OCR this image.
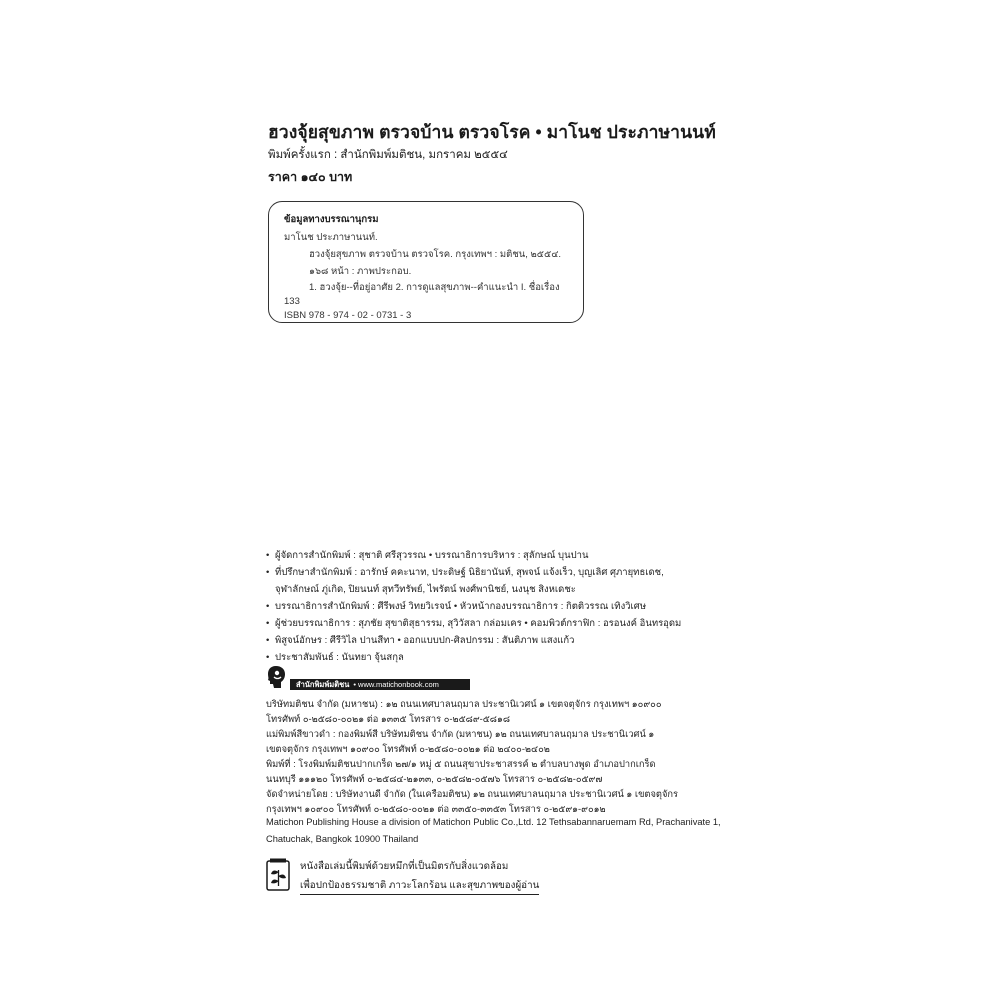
ฮวงจุ้ยสุขภาพ ตรวจบ้าน ตรวจโรค • มาโนช ประภาษานนท์
พิมพ์ครั้งแรก : สำนักพิมพ์มติชน, มกราคม ๒๕๕๔
ราคา ๑๔๐ บาท
ข้อมูลทางบรรณานุกรม
มาโนช ประภาษานนท์.
ฮวงจุ้ยสุขภาพ ตรวจบ้าน ตรวจโรค. กรุงเทพฯ : มติชน, ๒๕๕๔.
๑๖๘ หน้า : ภาพประกอบ.
1. ฮวงจุ้ย--ที่อยู่อาศัย 2. การดูแลสุขภาพ--คำแนะนำ I. ชื่อเรื่อง
133
ISBN 978 - 974 - 02 - 0731 - 3
• ผู้จัดการสำนักพิมพ์ : สุชาติ ศรีสุวรรณ • บรรณาธิการบริหาร : สุลักษณ์ บุนปาน
• ที่ปรึกษาสำนักพิมพ์ : อารักษ์ คคะนาท, ประดิษฐ์ นิธิยานันท์, สุพจน์ แจ้งเร็ว, บุญเลิศ ศุภายุทธเดช,
จุฬาลักษณ์ ภู่เกิด, ปิยนนท์ สุทวีทรัพย์, ไพรัตน์ พงศ์พานิชย์, นงนุช สิงหเดชะ
• บรรณาธิการสำนักพิมพ์ : ศีรีพงษ์ วิทยวิเรจน์ • หัวหน้ากองบรรณาธิการ : กิตติวรรณ เทิงวิเศษ
• ผู้ช่วยบรรณาธิการ : สุภชัย สุขาติสุธารรม, สุวิวัสลา กล่อมเคร • คอมพิวต์กราฟิก : อรอนงค์ อินทรอุดม
• พิสูจน์อักษร : ศีรีวิไล ปานสีทา • ออกแบบปก-ศิลปกรรม : สันติภาพ แสงแก้ว
• ประชาสัมพันธ์ : นันทยา จุ้นสกุล
สำนักพิมพ์มติชน • www.matichonbook.com
บริษัทมติชน จำกัด (มหาชน) : ๑๒ ถนนเทศบาลนฤมาล ประชานิเวศน์ ๑ เขตจตุจักร กรุงเทพฯ ๑๐๙๐๐
โทรศัพท์ ๐-๒๕๘๐-๐๐๒๑ ต่อ ๑๓๓๕ โทรสาร ๐-๒๕๘๙-๕๘๑๘
แม่พิมพ์สีขาวดำ : กองพิมพ์สี บริษัทมติชน จำกัด (มหาชน) ๑๒ ถนนเทศบาลนฤมาล ประชานิเวศน์ ๑
เขตจตุจักร กรุงเทพฯ ๑๐๙๐๐ โทรศัพท์ ๐-๒๕๘๐-๐๐๒๑ ต่อ ๒๔๐๐-๒๔๐๒
พิมพ์ที่ : โรงพิมพ์มติชนปากเกร็ด ๒๗/๑ หมู่ ๕ ถนนสุขาประชาสรรค์ ๒ ตำบลบางพูด อำเภอปากเกร็ด
นนทบุรี ๑๑๑๒๐ โทรศัพท์ ๐-๒๕๘๔-๒๑๓๓, ๐-๒๕๘๒-๐๕๗๖ โทรสาร ๐-๒๕๘๒-๐๕๙๗
จัดจำหน่ายโดย : บริษัทงานดี จำกัด (ในเครือมติชน) ๑๒ ถนนเทศบาลนฤมาล ประชานิเวศน์ ๑ เขตจตุจักร
กรุงเทพฯ ๑๐๙๐๐ โทรศัพท์ ๐-๒๕๘๐-๐๐๒๑ ต่อ ๓๓๕๐-๓๓๕๓ โทรสาร ๐-๒๕๙๑-๙๐๑๒
Matichon Publishing House a division of Matichon Public Co.,Ltd. 12 Tethsabannaruemam Rd, Prachanivate 1,
Chatuchak, Bangkok 10900 Thailand
หนังสือเล่มนี้พิมพ์ด้วยหมึกที่เป็นมิตรกับสิ่งแวดล้อม
เพื่อปกป้องธรรมชาติ ภาวะโลกร้อน และสุขภาพของผู้อ่าน
